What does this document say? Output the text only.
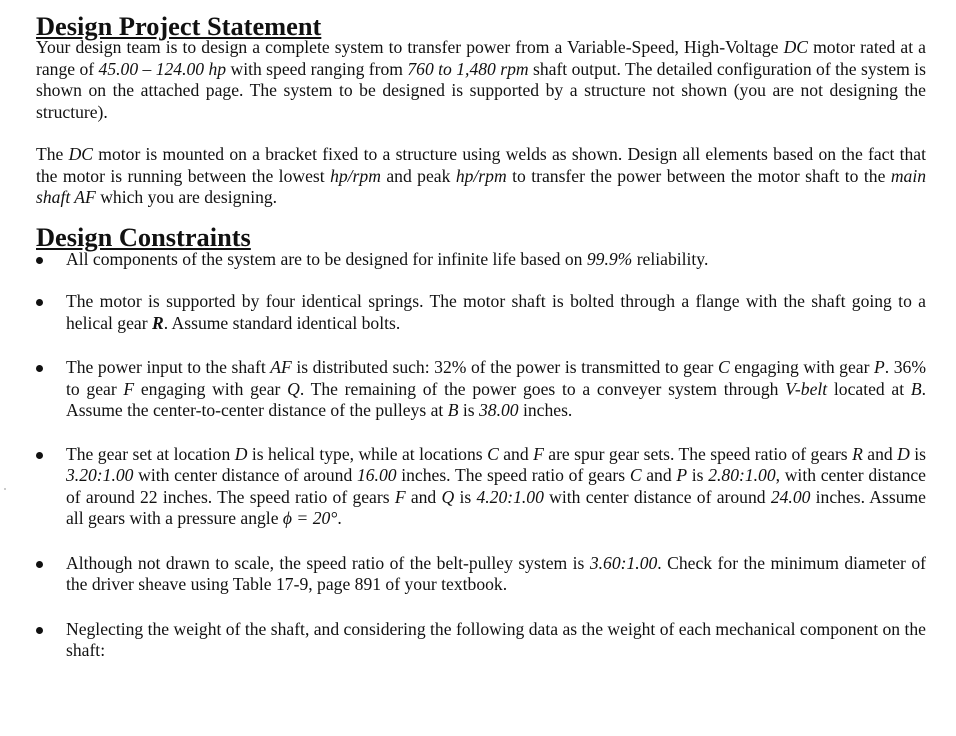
Design Project Statement

Your design team is to design a complete system to transfer power from a Variable-Speed, High-Voltage DC motor rated at a range of 45.00 – 124.00 hp with speed ranging from 760 to 1,480 rpm shaft output. The detailed configuration of the system is shown on the attached page. The system to be designed is supported by a structure not shown (you are not designing the structure).

The DC motor is mounted on a bracket fixed to a structure using welds as shown. Design all elements based on the fact that the motor is running between the lowest hp/rpm and peak hp/rpm to transfer the power between the motor shaft to the main shaft AF which you are designing.

Design Constraints
All components of the system are to be designed for infinite life based on 99.9% reliability.
The motor is supported by four identical springs. The motor shaft is bolted through a flange with the shaft going to a helical gear R. Assume standard identical bolts.
The power input to the shaft AF is distributed such: 32% of the power is transmitted to gear C engaging with gear P. 36% to gear F engaging with gear Q. The remaining of the power goes to a conveyer system through V-belt located at B. Assume the center-to-center distance of the pulleys at B is 38.00 inches.
The gear set at location D is helical type, while at locations C and F are spur gear sets. The speed ratio of gears R and D is 3.20:1.00 with center distance of around 16.00 inches. The speed ratio of gears C and P is 2.80:1.00, with center distance of around 22 inches. The speed ratio of gears F and Q is 4.20:1.00 with center distance of around 24.00 inches. Assume all gears with a pressure angle ϕ = 20°.
Although not drawn to scale, the speed ratio of the belt-pulley system is 3.60:1.00. Check for the minimum diameter of the driver sheave using Table 17-9, page 891 of your textbook.
Neglecting the weight of the shaft, and considering the following data as the weight of each mechanical component on the shaft:
